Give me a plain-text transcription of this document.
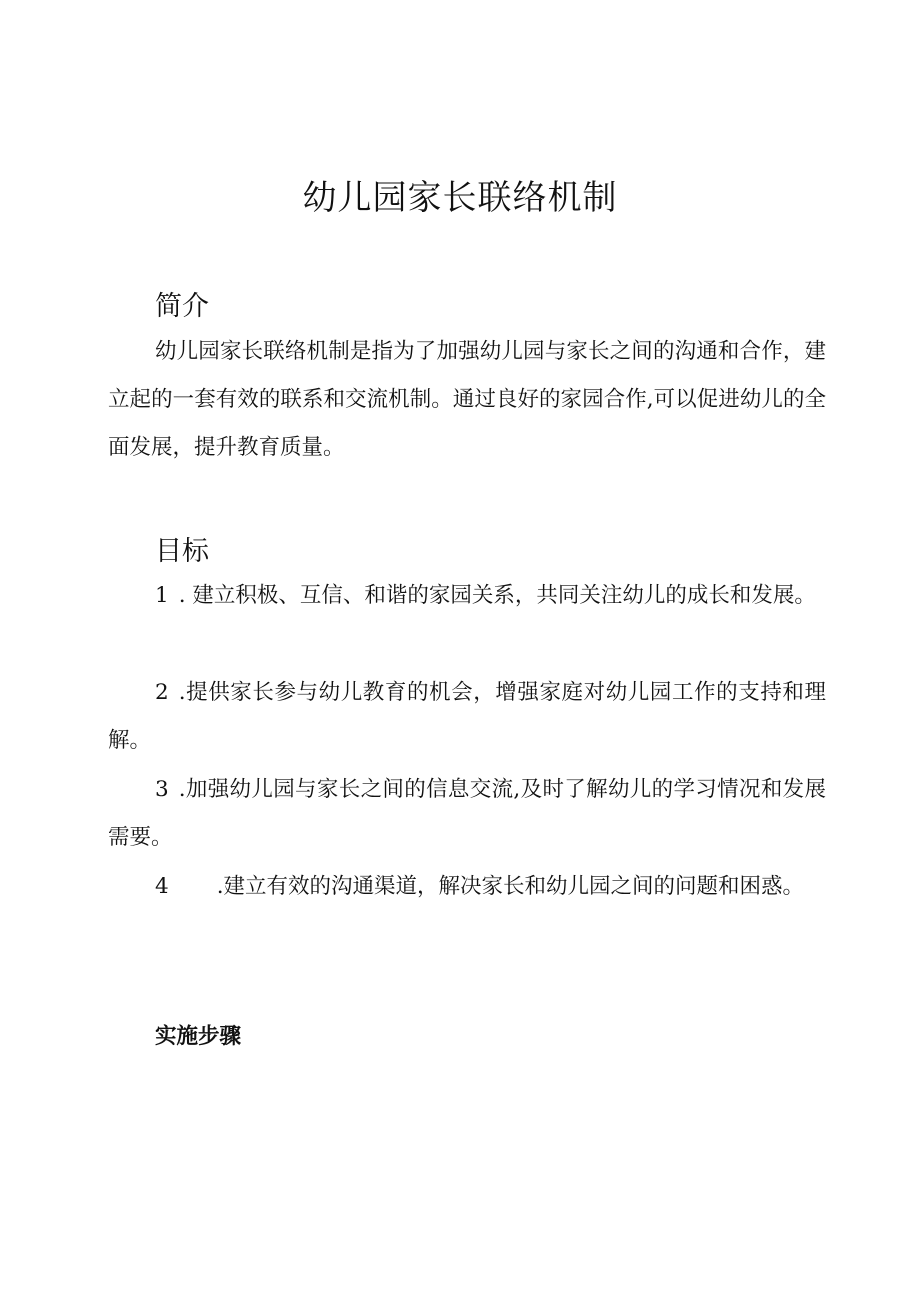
幼儿园家长联络机制
简介

幼儿园家长联络机制是指为了加强幼儿园与家长之间的沟通和合作，建立起的一套有效的联系和交流机制。通过良好的家园合作,可以促进幼儿的全面发展，提升教育质量。

目标

1 . 建立积极、互信、和谐的家园关系，共同关注幼儿的成长和发展。

2 .提供家长参与幼儿教育的机会，增强家庭对幼儿园工作的支持和理解。

3 .加强幼儿园与家长之间的信息交流,及时了解幼儿的学习情况和发展需要。

4 .建立有效的沟通渠道，解决家长和幼儿园之间的问题和困惑。

实施步骤
